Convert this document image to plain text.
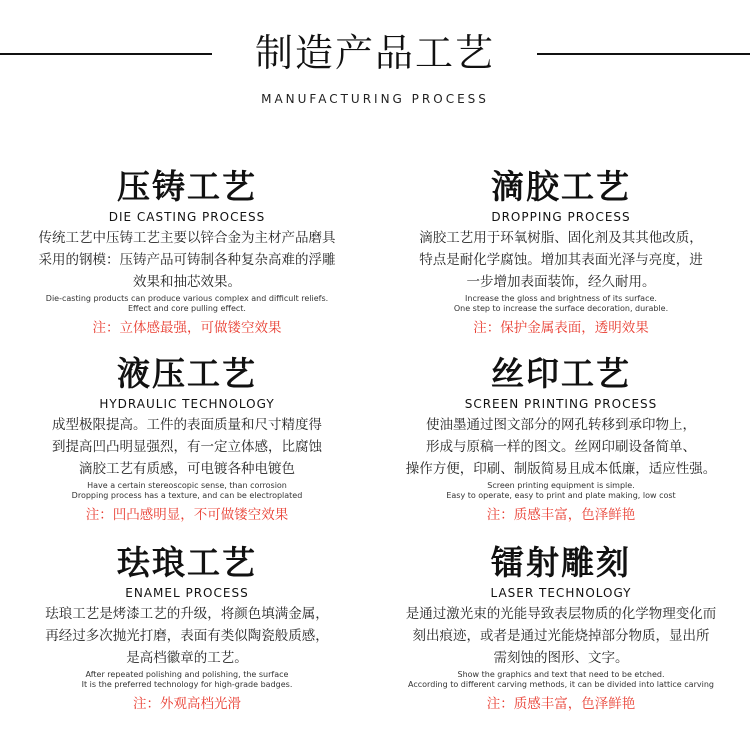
制造产品工艺
MANUFACTURING PROCESS
压铸工艺
DIE CASTING PROCESS
传统工艺中压铸工艺主要以锌合金为主材产品磨具
采用的钢模：压铸产品可铸制各种复杂高难的浮雕
效果和抽芯效果。
Die-casting products can produce various complex and difficult reliefs.
Effect and core pulling effect.
注：立体感最强，可做镂空效果
滴胶工艺
DROPPING PROCESS
滴胶工艺用于环氧树脂、固化剂及其其他改质，
特点是耐化学腐蚀。增加其表面光泽与亮度，进
一步增加表面装饰，经久耐用。
Increase the gloss and brightness of its surface.
One step to increase the surface decoration, durable.
注：保护金属表面，透明效果
液压工艺
HYDRAULIC TECHNOLOGY
成型极限提高。工件的表面质量和尺寸精度得
到提高凹凸明显强烈，有一定立体感，比腐蚀
滴胶工艺有质感，可电镀各种电镀色
Have a certain stereoscopic sense, than corrosion
Dropping process has a texture, and can be electroplated
注：凹凸感明显，不可做镂空效果
丝印工艺
SCREEN PRINTING PROCESS
使油墨通过图文部分的网孔转移到承印物上，
形成与原稿一样的图文。丝网印刷设备简单、
操作方便，印刷、制版简易且成本低廉，适应性强。
Screen printing equipment is simple.
Easy to operate, easy to print and plate making, low cost
注：质感丰富，色泽鲜艳
珐琅工艺
ENAMEL PROCESS
珐琅工艺是烤漆工艺的升级，将颜色填满金属，
再经过多次抛光打磨，表面有类似陶瓷般质感，
是高档徽章的工艺。
After repeated polishing and polishing, the surface
It is the preferred technology for high-grade badges.
注：外观高档光滑
镭射雕刻
LASER TECHNOLOGY
是通过激光束的光能导致表层物质的化学物理变化而
刻出痕迹，或者是通过光能烧掉部分物质，显出所
需刻蚀的图形、文字。
Show the graphics and text that need to be etched.
According to different carving methods, it can be divided into lattice carving
注：质感丰富，色泽鲜艳
